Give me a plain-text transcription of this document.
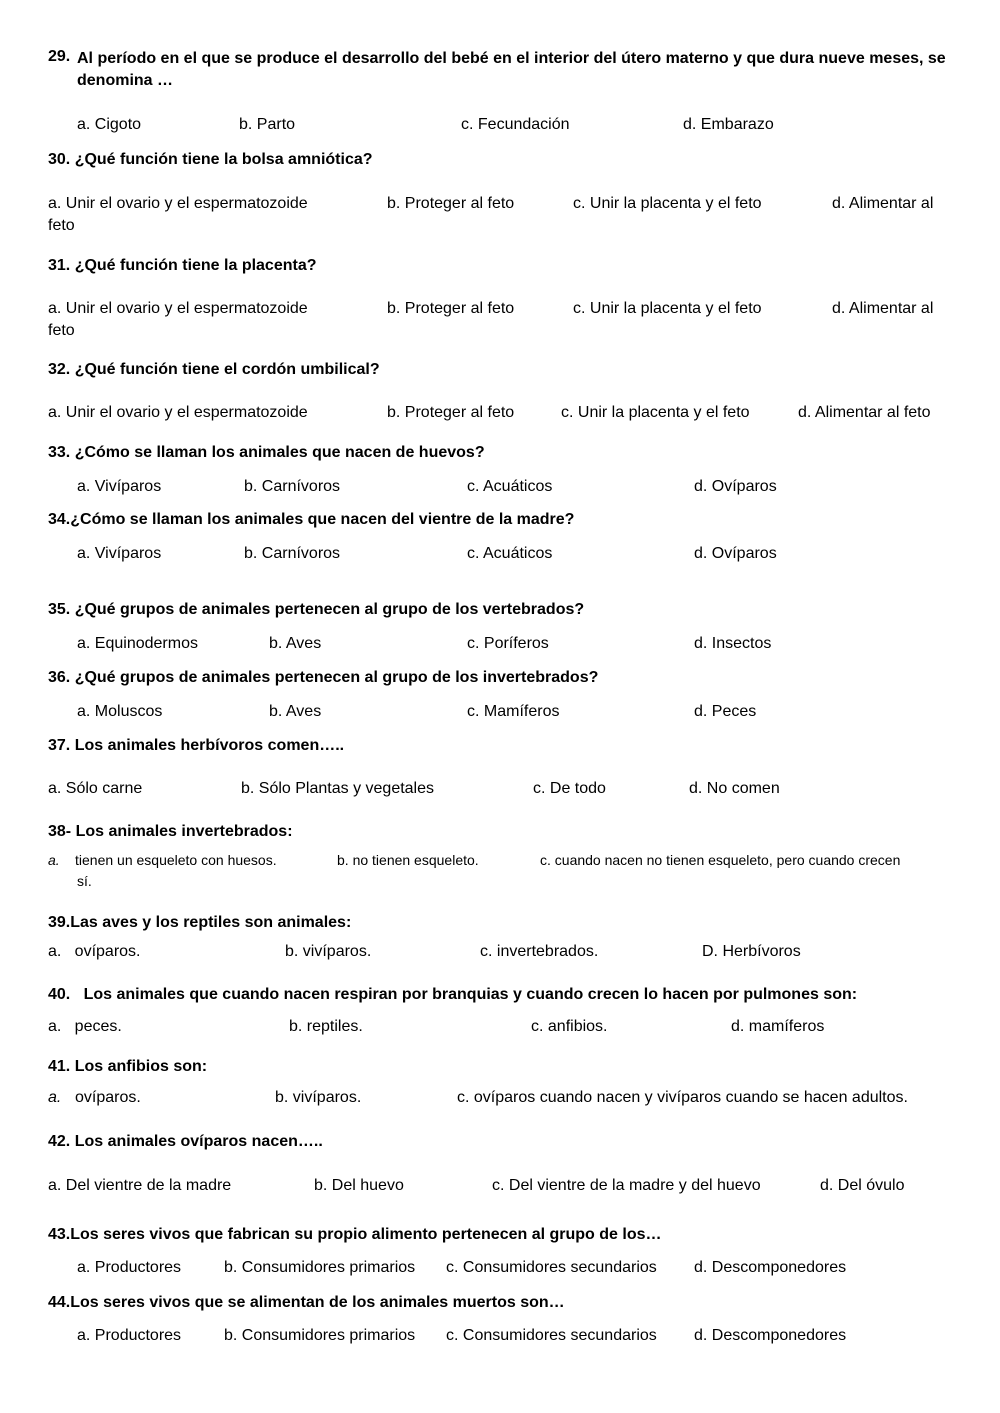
29. Al período en el que se produce el desarrollo del bebé en el interior del útero materno y que dura nueve meses, se denomina …
a. Cigoto	b. Parto	c. Fecundación	d. Embarazo
30. ¿Qué función tiene la bolsa amniótica?
a. Unir el ovario y el espermatozoide	b. Proteger al feto	c. Unir la placenta y el feto	d. Alimentar al
feto
31. ¿Qué función tiene la placenta?
a. Unir el ovario y el espermatozoide	b. Proteger al feto	c. Unir la placenta y el feto	d. Alimentar al
feto
32. ¿Qué función tiene el cordón umbilical?
a. Unir el ovario y el espermatozoide	b. Proteger al feto	c. Unir la placenta y el feto	d. Alimentar al feto
33. ¿Cómo se llaman los animales que nacen de huevos?
a. Vivíparos	b. Carnívoros	c. Acuáticos	d. Ovíparos
34.¿Cómo se llaman los animales que nacen del vientre de la madre?
a. Vivíparos	b. Carnívoros	c. Acuáticos	d. Ovíparos
35. ¿Qué grupos de animales pertenecen al grupo de los vertebrados?
a. Equinodermos	b. Aves	c. Poríferos	d. Insectos
36. ¿Qué grupos de animales pertenecen al grupo de los invertebrados?
a. Moluscos	b. Aves	c. Mamíferos	d. Peces
37. Los animales herbívoros comen…..
a. Sólo carne	b. Sólo Plantas y vegetales	c. De todo	d. No comen
38- Los animales invertebrados:
a. tienen un esqueleto con huesos.	b. no tienen esqueleto.	c. cuando nacen no tienen esqueleto, pero cuando crecen
sí.
39.Las aves y los reptiles son animales:
a.   ovíparos.	b. vivíparos.	c. invertebrados.	D. Herbívoros
40.   Los animales que cuando nacen respiran por branquias y cuando crecen lo hacen por pulmones son:
a.   peces.	b. reptiles.	c. anfibios.	d. mamíferos
41. Los anfibios son:
a. ovíparos.	b. vivíparos.	c. ovíparos cuando nacen y vivíparos cuando se hacen adultos.
42. Los animales ovíparos nacen…..
a. Del vientre de la madre	b. Del huevo	c. Del vientre de la madre y del huevo	d. Del óvulo
43.Los seres vivos que fabrican su propio alimento pertenecen al grupo de los…
a. Productores	b. Consumidores primarios c. Consumidores secundarios d. Descomponedores
44.Los seres vivos que se alimentan de los animales muertos son…
a. Productores	b. Consumidores primarios c. Consumidores secundarios d. Descomponedores
